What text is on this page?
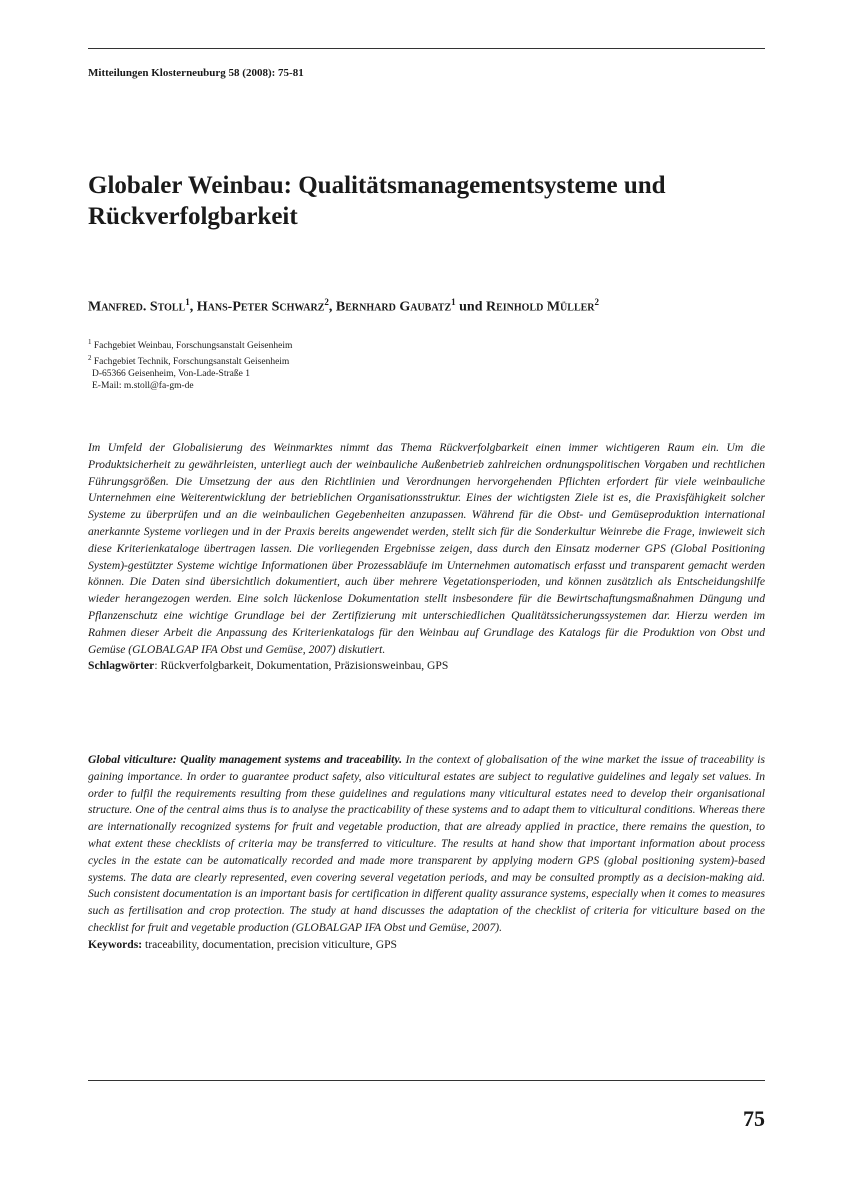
Mitteilungen Klosterneuburg 58 (2008): 75-81
Globaler Weinbau: Qualitätsmanagementsysteme und Rückverfolgbarkeit
Manfred. Stoll$^1$, Hans-Peter Schwarz$^2$, Bernhard Gaubatz$^1$ und Reinhold Müller$^2$
$^1$ Fachgebiet Weinbau, Forschungsanstalt Geisenheim
$^2$ Fachgebiet Technik, Forschungsanstalt Geisenheim
D-65366 Geisenheim, Von-Lade-Straße 1
E-Mail: m.stoll@fa-gm-de

Im Umfeld der Globalisierung des Weinmarktes nimmt das Thema Rückverfolgbarkeit einen immer wichtigeren Raum ein. Um die Produktsicherheit zu gewährleisten, unterliegt auch der weinbauliche Außenbetrieb zahlreichen ordnungspolitischen Vorgaben und rechtlichen Führungsgrößen. Die Umsetzung der aus den Richtlinien und Verordnungen hervorgehenden Pflichten erfordert für viele weinbauliche Unternehmen eine Weiterentwicklung der betrieblichen Organisationsstruktur. Eines der wichtigsten Ziele ist es, die Praxisfähigkeit solcher Systeme zu überprüfen und an die weinbaulichen Gegebenheiten anzupassen. Während für die Obst- und Gemüseproduktion international anerkannte Systeme vorliegen und in der Praxis bereits angewendet werden, stellt sich für die Sonderkultur Weinrebe die Frage, inwieweit sich diese Kriterienkataloge übertragen lassen. Die vorliegenden Ergebnisse zeigen, dass durch den Einsatz moderner GPS (Global Positioning System)-gestützter Systeme wichtige Informationen über Prozessabläufe im Unternehmen automatisch erfasst und transparent gemacht werden können. Die Daten sind übersichtlich dokumentiert, auch über mehrere Vegetationsperioden, und können zusätzlich als Entscheidungshilfe wieder herangezogen werden. Eine solch lückenlose Dokumentation stellt insbesondere für die Bewirtschaftungsmaßnahmen Düngung und Pflanzenschutz eine wichtige Grundlage bei der Zertifizierung mit unterschiedlichen Qualitätssicherungssystemen dar. Hierzu werden im Rahmen dieser Arbeit die Anpassung des Kriterienkatalogs für den Weinbau auf Grundlage des Katalogs für die Produktion von Obst und Gemüse (GLOBALGAP IFA Obst und Gemüse, 2007) diskutiert.

Schlagwörter: Rückverfolgbarkeit, Dokumentation, Präzisionsweinbau, GPS

Global viticulture: Quality management systems and traceability. In the context of globalisation of the wine market the issue of traceability is gaining importance. In order to guarantee product safety, also viticultural estates are subject to regulative guidelines and legaly set values. In order to fulfil the requirements resulting from these guidelines and regulations many viticultural estates need to develop their organisational structure. One of the central aims thus is to analyse the practicability of these systems and to adapt them to viticultural conditions. Whereas there are internationally recognized systems for fruit and vegetable production, that are already applied in practice, there remains the question, to what extent these checklists of criteria may be transferred to viticulture. The results at hand show that important information about process cycles in the estate can be automatically recorded and made more transparent by applying modern GPS (global positioning system)-based systems. The data are clearly represented, even covering several vegetation periods, and may be consulted promptly as a decision-making aid. Such consistent documentation is an important basis for certification in different quality assurance systems, especially when it comes to measures such as fertilisation and crop protection. The study at hand discusses the adaptation of the checklist of criteria for viticulture based on the checklist for fruit and vegetable production (GLOBALGAP IFA Obst und Gemüse, 2007).

Keywords: traceability, documentation, precision viticulture, GPS

75
